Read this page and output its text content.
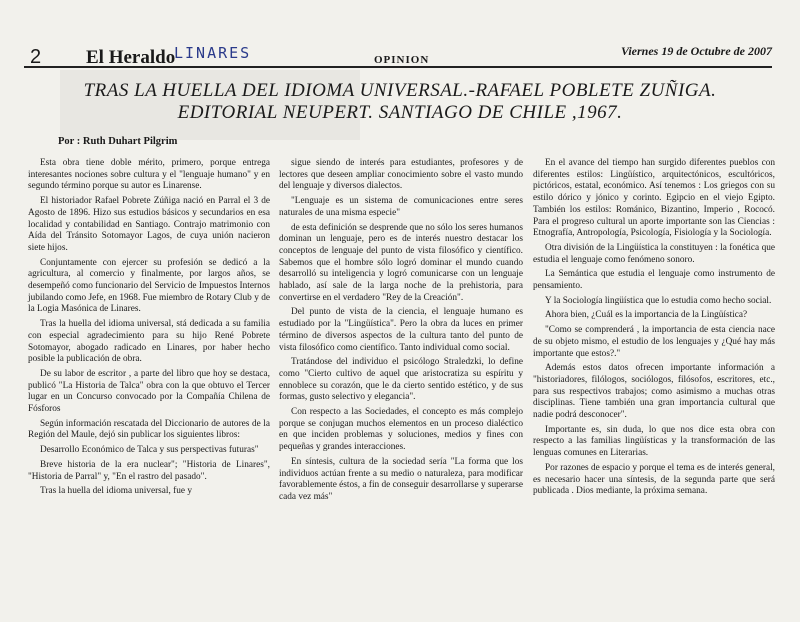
2 El Heraldo
LINARES	OPINION
Viernes 19 de Octubre de 2007
TRAS LA HUELLA DEL IDIOMA UNIVERSAL.-RAFAEL POBLETE ZUÑIGA.
EDITORIAL NEUPERT. SANTIAGO DE CHILE ,1967.
Por : Ruth Duhart Pilgrim

Esta obra tiene doble mérito, primero, porque entrega interesantes nociones sobre cultura y el "lenguaje humano" y en segundo término porque su autor es Linarense.

El historiador Rafael Pobrete Zúñiga nació en Parral el 3 de Agosto de 1896. Hizo sus estudios básicos y secundarios en esa localidad y contabilidad en Santiago. Contrajo matrimonio con Aída del Tránsito Sotomayor Lagos, de cuya unión nacieron siete hijos.

Conjuntamente con ejercer su profesión se dedicó a la agricultura, al comercio y finalmente, por largos años, se desempeñó como funcionario del Servicio de Impuestos Internos jubilando como Jefe, en 1968. Fue miembro de Rotary Club y de la Logia Masónica de Linares.

Tras la huella del idioma universal, stá dedicada a su familia con especial agradecimiento para su hijo René Pobrete Sotomayor, abogado radicado en Linares, por haber hecho posible la publicación de obra.

De su labor de escritor , a parte del libro que hoy se destaca, publicó "La Historia de Talca" obra con la que obtuvo el Tercer lugar en un Concurso convocado por la Compañía Chilena de Fósforos

Según información rescatada del Diccionario de autores de la Región del Maule, dejó sin publicar los siguientes libros:

Desarrollo Económico de Talca y sus perspectivas futuras"

Breve historia de la era nuclear"; "Historia de Linares", "Historia de Parral" y, "En el rastro del pasado".

Tras la huella del idioma universal, fue y

sigue siendo de interés para estudiantes, profesores y de lectores que deseen ampliar conocimiento sobre el vasto mundo del lenguaje y diversos dialectos.

"Lenguaje es un sistema de comunicaciones entre seres naturales de una misma especie"

de esta definición se desprende que no sólo los seres humanos dominan un lenguaje, pero es de interés nuestro destacar los conceptos de lenguaje del punto de vista filosófico y científico. Sabemos que el hombre sólo logró dominar el mundo cuando desarrolló su inteligencia y logró comunicarse con un lenguaje hablado, así sale de la larga noche de la prehistoria, para convertirse en el verdadero "Rey de la Creación".

Del punto de vista de la ciencia, el lenguaje humano es estudiado por la "Lingüística". Pero la obra da luces en primer término de diversos aspectos de la cultura tanto del punto de vista filosófico como científico. Tanto individual como social.

Tratándose del individuo el psicólogo Straledzki, lo define como "Cierto cultivo de aquel que aristocratiza su espíritu y ennoblece su corazón, que le da cierto sentido estético, y de sus formas, gusto selectivo y elegancia".

Con respecto a las Sociedades, el concepto es más complejo porque se conjugan muchos elementos en un proceso dialéctico en que inciden problemas y soluciones, medios y fines con pequeñas y grandes interacciones.

En síntesis, cultura de la sociedad sería "La forma que los individuos actúan frente a su medio o naturaleza, para modificar favorablemente éstos, a fin de conseguir desarrollarse y superarse cada vez más"

En el avance del tiempo han surgido diferentes pueblos con diferentes estilos: Lingüístico, arquitectónicos, escultóricos, pictóricos, estatal, económico. Así tenemos : Los griegos con su estilo dórico y jónico y corinto. Egipcio en el viejo Egipto. También los estilos: Románico, Bizantino, Imperio , Rococó. Para el progreso cultural un aporte importante son las Ciencias : Etnografía, Antropología, Psicología, Fisiología y la Sociología.

Otra división de la Lingüística la constituyen : la fonética que estudia el lenguaje como fenómeno sonoro.

La Semántica que estudia el lenguaje como instrumento de pensamiento.

Y la Sociología lingüística que lo estudia como hecho social.

Ahora bien, ¿Cuál es la importancia de la Lingüística?

"Como se comprenderá , la importancia de esta ciencia nace de su objeto mismo, el estudio de los lenguajes y ¿Qué hay más importante que estos?."

Además estos datos ofrecen importante información a "historiadores, filólogos, sociólogos, filósofos, escritores, etc., para sus respectivos trabajos; como asimismo a muchas otras disciplinas. Tiene también una gran importancia cultural que nadie podrá desconocer".

Importante es, sin duda, lo que nos dice esta obra con respecto a las familias lingüísticas y la transformación de las lenguas comunes en Literarias.

Por razones de espacio y porque el tema es de interés general, es necesario hacer una síntesis, de la segunda parte que será publicada . Dios mediante, la próxima semana.
